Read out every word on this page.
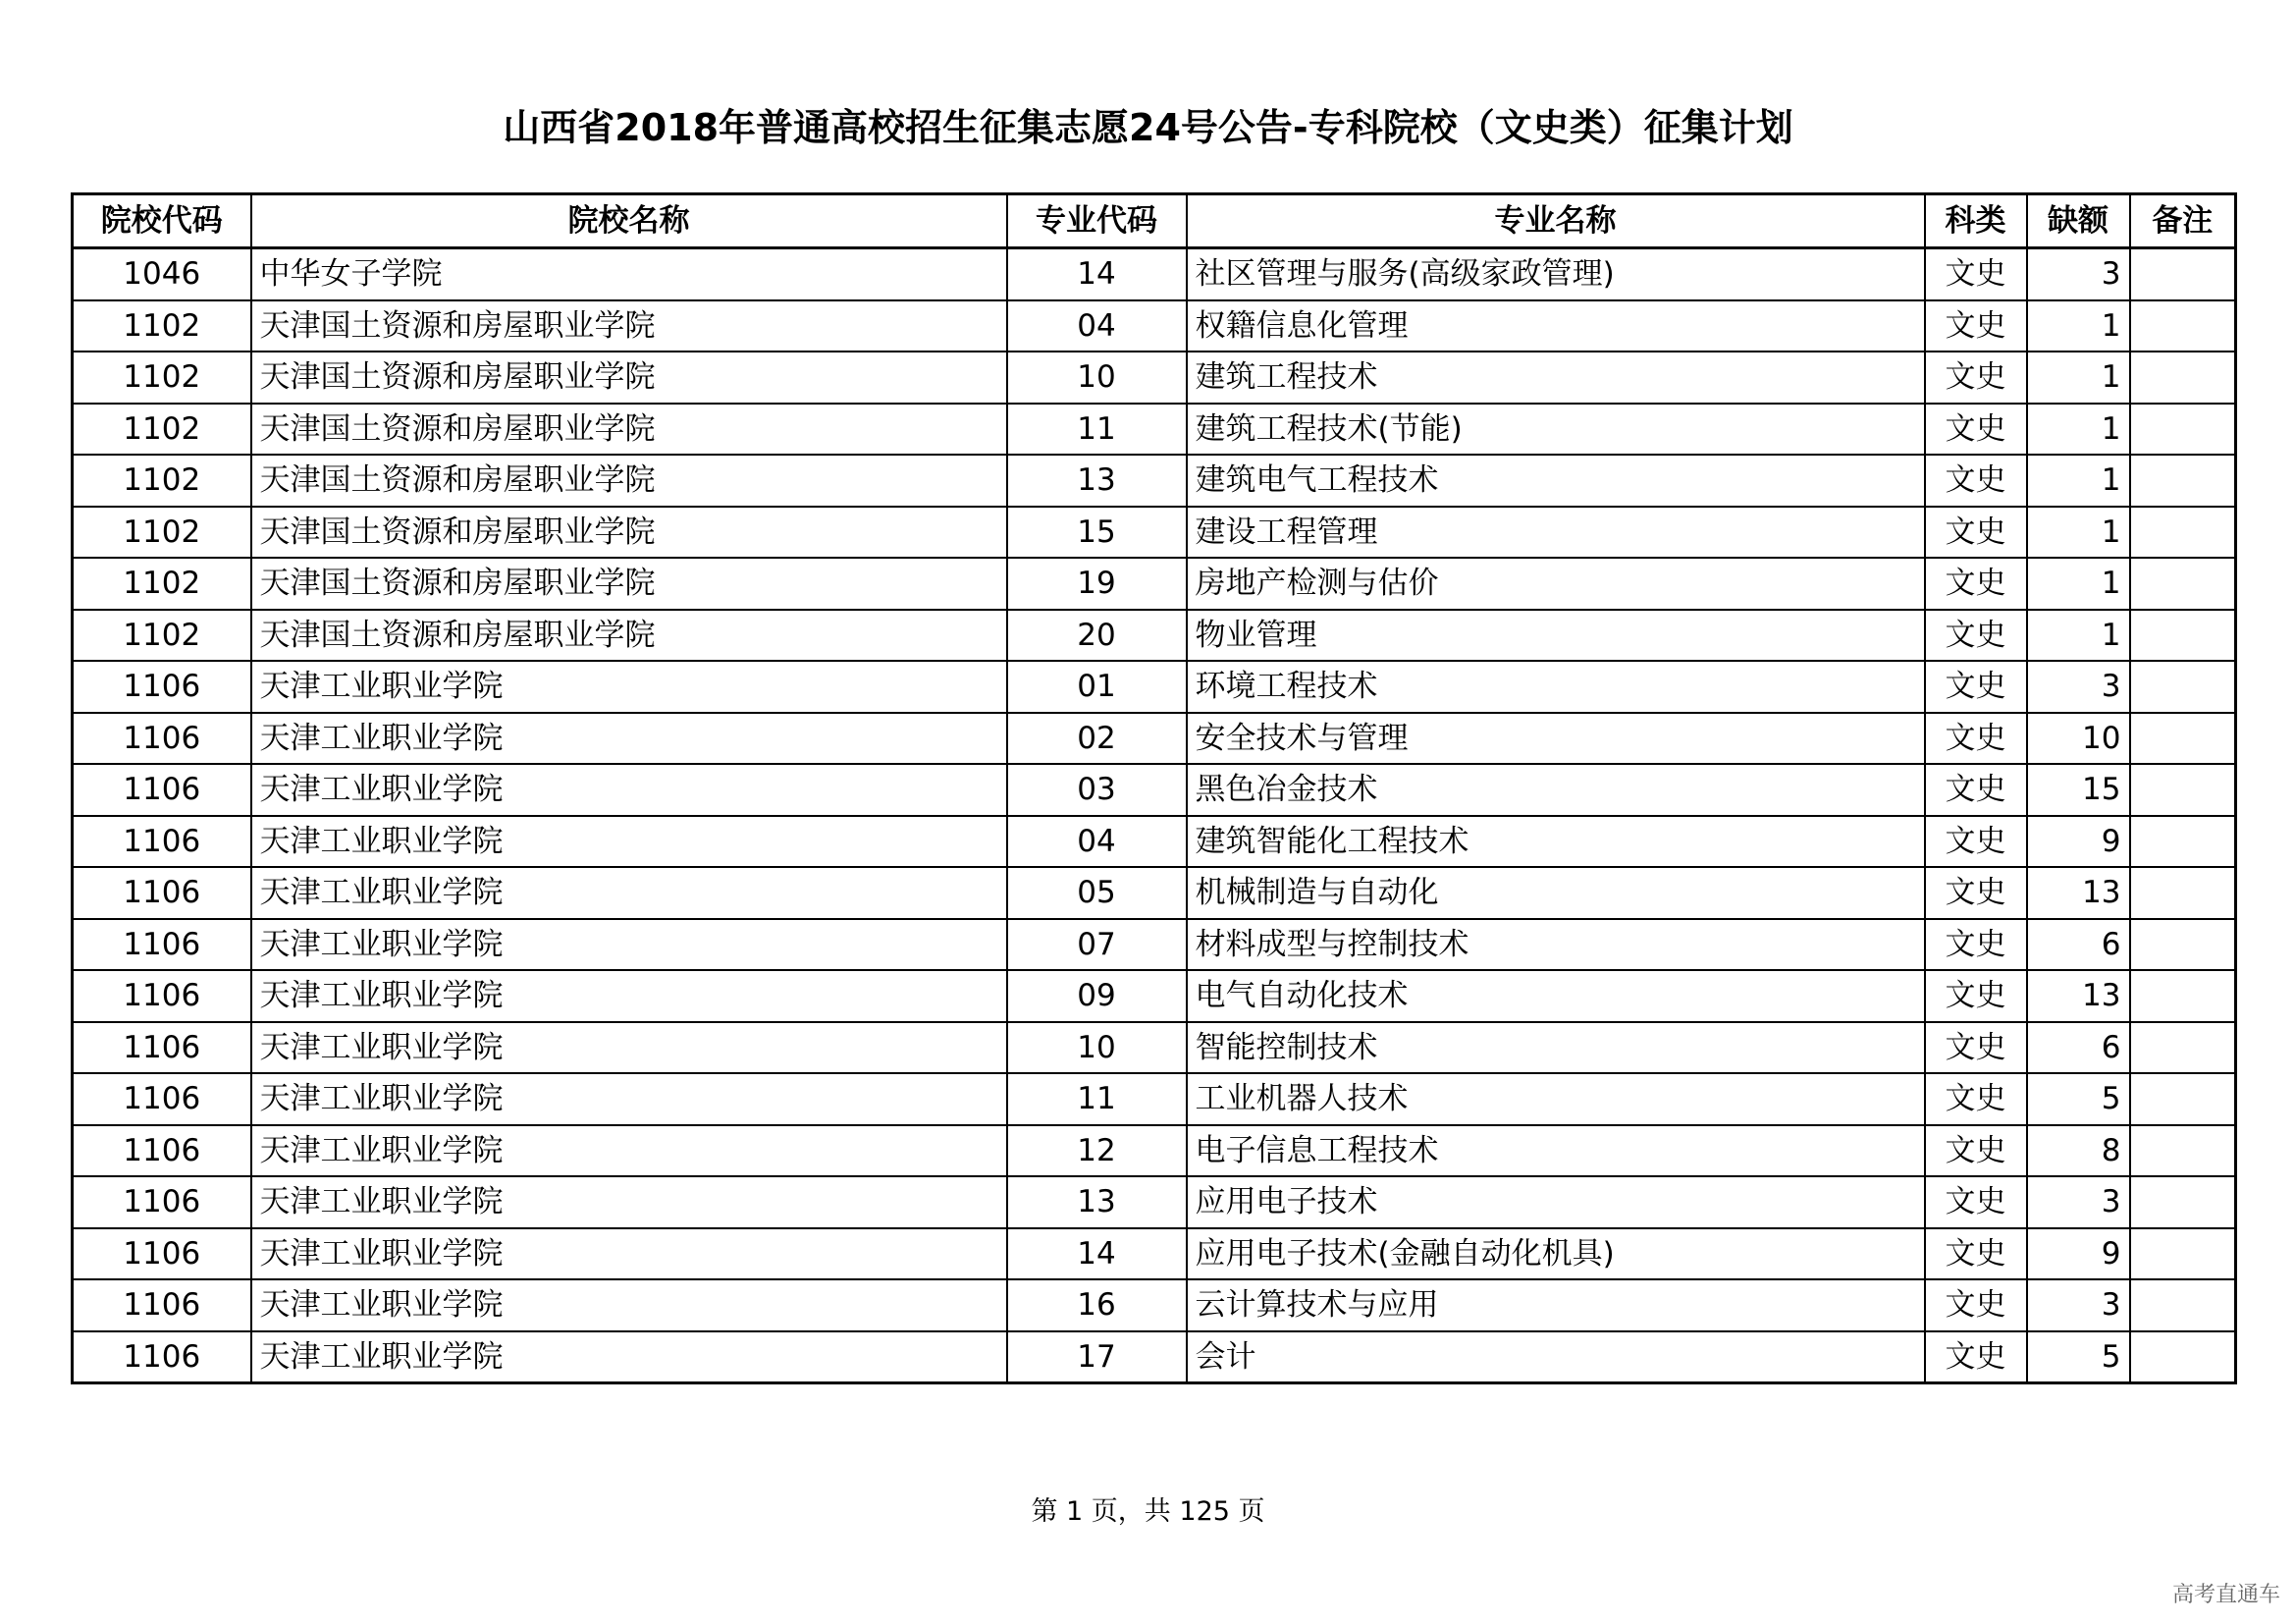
山西省2018年普通高校招生征集志愿24号公告-专科院校（文史类）征集计划
院校代码	院校名称	专业代码	专业名称	科类	缺额	备注
1046	中华女子学院	14	社区管理与服务(高级家政管理)	文史	3	
1102	天津国土资源和房屋职业学院	04	权籍信息化管理	文史	1	
1102	天津国土资源和房屋职业学院	10	建筑工程技术	文史	1	
1102	天津国土资源和房屋职业学院	11	建筑工程技术(节能)	文史	1	
1102	天津国土资源和房屋职业学院	13	建筑电气工程技术	文史	1	
1102	天津国土资源和房屋职业学院	15	建设工程管理	文史	1	
1102	天津国土资源和房屋职业学院	19	房地产检测与估价	文史	1	
1102	天津国土资源和房屋职业学院	20	物业管理	文史	1	
1106	天津工业职业学院	01	环境工程技术	文史	3	
1106	天津工业职业学院	02	安全技术与管理	文史	10	
1106	天津工业职业学院	03	黑色冶金技术	文史	15	
1106	天津工业职业学院	04	建筑智能化工程技术	文史	9	
1106	天津工业职业学院	05	机械制造与自动化	文史	13	
1106	天津工业职业学院	07	材料成型与控制技术	文史	6	
1106	天津工业职业学院	09	电气自动化技术	文史	13	
1106	天津工业职业学院	10	智能控制技术	文史	6	
1106	天津工业职业学院	11	工业机器人技术	文史	5	
1106	天津工业职业学院	12	电子信息工程技术	文史	8	
1106	天津工业职业学院	13	应用电子技术	文史	3	
1106	天津工业职业学院	14	应用电子技术(金融自动化机具)	文史	9	
1106	天津工业职业学院	16	云计算技术与应用	文史	3	
1106	天津工业职业学院	17	会计	文史	5	
第 1 页，共 125 页
高考直通车
